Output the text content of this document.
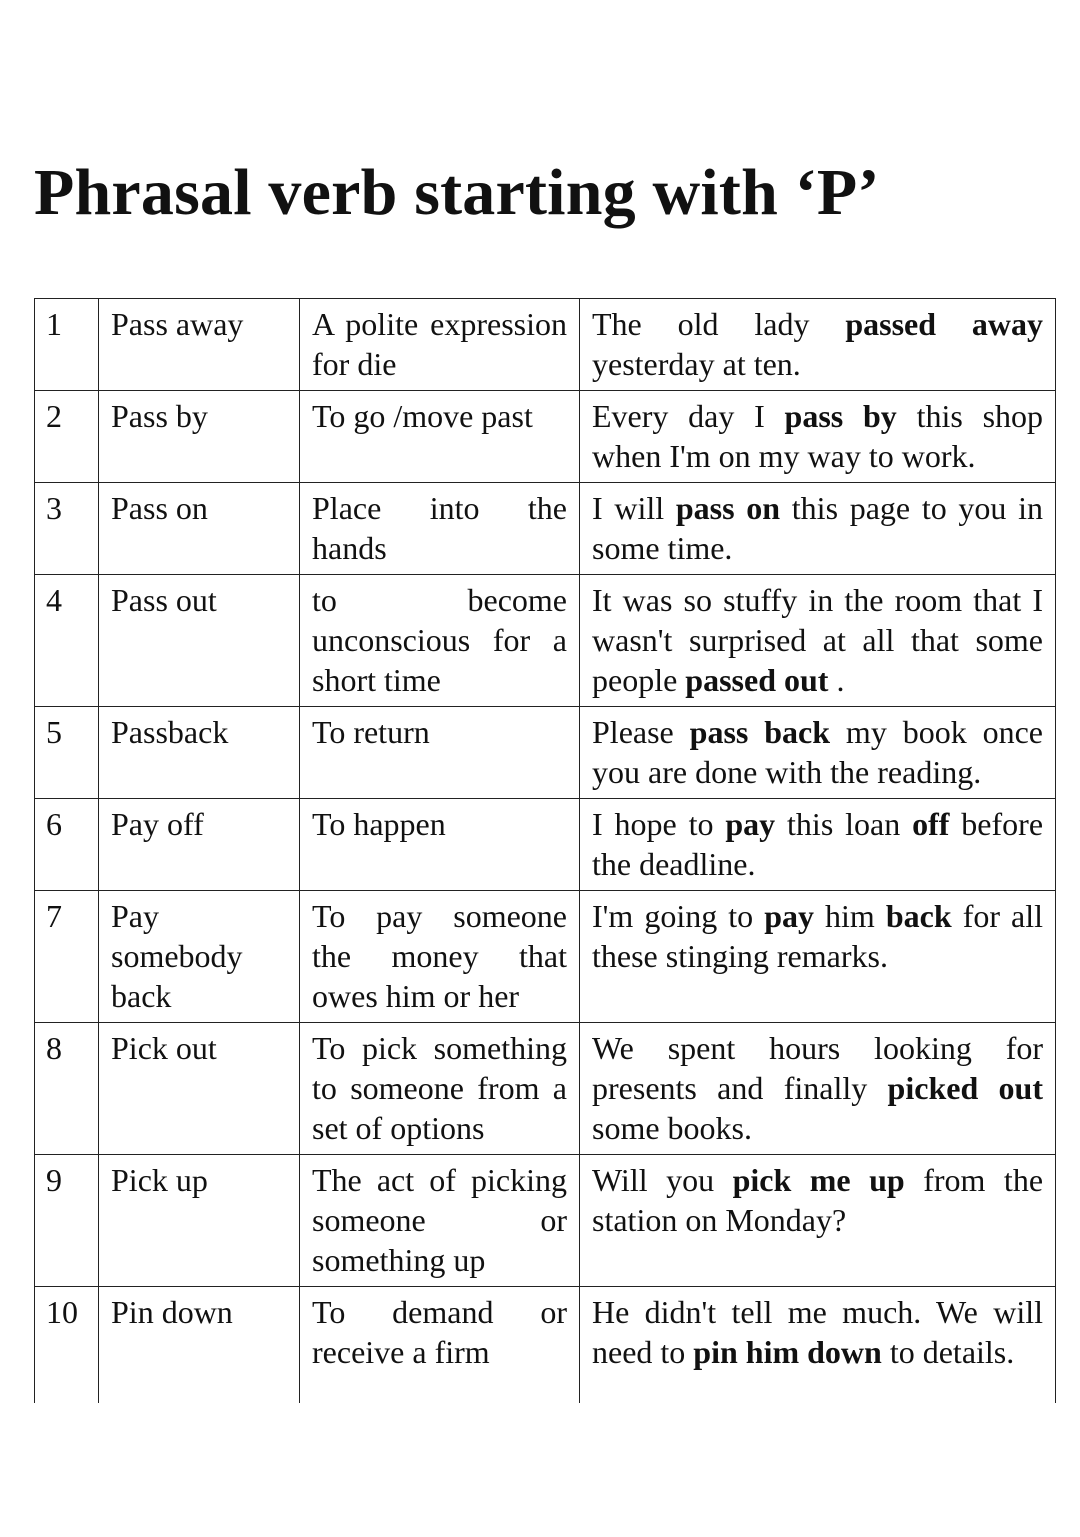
Phrasal verb starting with ‘P’
1	Pass away	A polite expression for die	The old lady passed away yesterday at ten.
2	Pass by	To go /move past	Every day I pass by this shop when I'm on my way to work.
3	Pass on	Place into the hands	I will pass on this page to you in some time.
4	Pass out	to become unconscious for a short time	It was so stuffy in the room that I wasn't surprised at all that some people passed out .
5	Passback	To return	Please pass back my book once you are done with the reading.
6	Pay off	To happen	I hope to pay this loan off before the deadline.
7	Pay somebody back	To pay someone the money that owes him or her	I'm going to pay him back for all these stinging remarks.
8	Pick out	To pick something to someone from a set of options	We spent hours looking for presents and finally picked out some books.
9	Pick up	The act of picking someone or something up	Will you pick me up from the station on Monday?
10	Pin down	To demand or receive a firm	He didn't tell me much. We will need to pin him down to details.
